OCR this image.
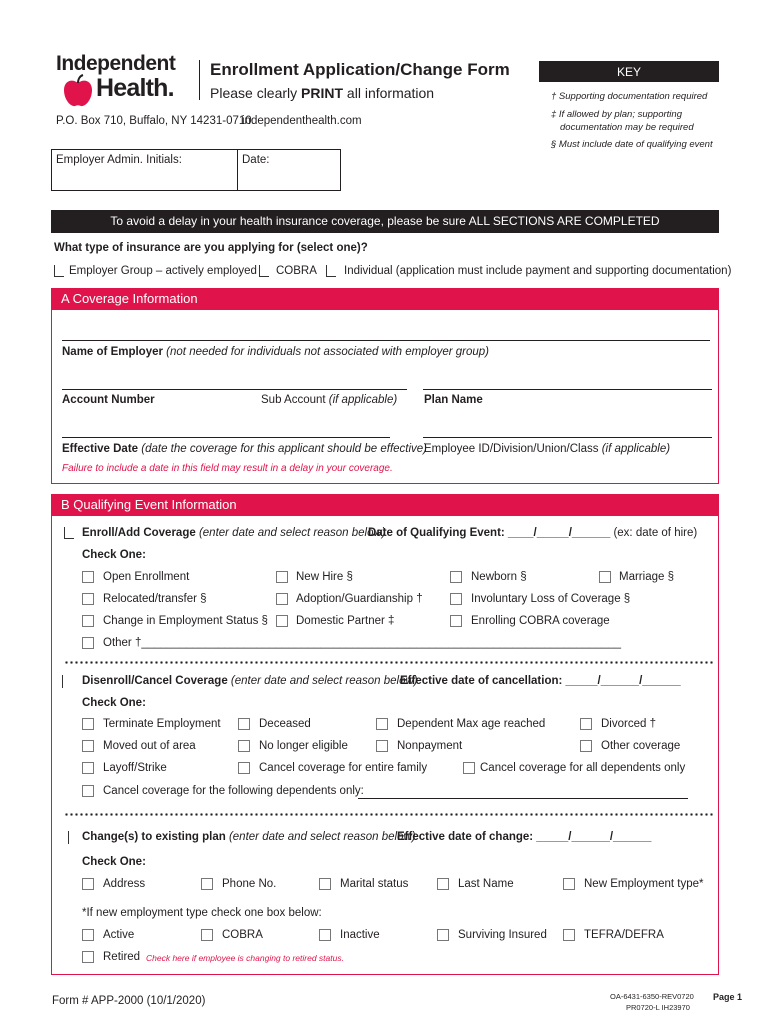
Independent
Health.
Enrollment Application/Change Form
Please clearly PRINT all information
P.O. Box 710, Buffalo, NY 14231-0710
independenthealth.com
Employer Admin. Initials:	Date:
KEY
† Supporting documentation required
‡ If allowed by plan; supporting
documentation may be required
§ Must include date of qualifying event
To avoid a delay in your health insurance coverage, please be sure ALL SECTIONS ARE COMPLETED
What type of insurance are you applying for (select one)?
Employer Group – actively employed COBRA Individual (application must include payment and supporting documentation)
A Coverage Information
Name of Employer (not needed for individuals not associated with employer group)
Account Number	Sub Account (if applicable) Plan Name
Effective Date (date the coverage for this applicant should be effective)
Employee ID/Division/Union/Class (if applicable)
Failure to include a date in this field may result in a delay in your coverage.
B Qualifying Event Information
Enroll/Add Coverage (enter date and select reason below)
Date of Qualifying Event: ____/_____/______ (ex: date of hire)
Check One:
Open Enrollment	New Hire §	Newborn §	Marriage §
Relocated/transfer §	Adoption/Guardianship †	Involuntary Loss of Coverage §
Change in Employment Status § Domestic Partner ‡	Enrolling COBRA coverage
Other †___________________________________________________________________________
Disenroll/Cancel Coverage (enter date and select reason below)
Effective date of cancellation: _____/______/______
Check One:
Terminate Employment	Deceased	Dependent Max age reached	Divorced †
Moved out of area	No longer eligible	Nonpayment	Other coverage
Layoff/Strike	Cancel coverage for entire family	Cancel coverage for all dependents only
Cancel coverage for the following dependents only:
Change(s) to existing plan (enter date and select reason below)
Effective date of change: _____/______/______
Check One:
Address	Phone No.	Marital status	Last Name	New Employment type*
*If new employment type check one box below:
Active	COBRA	Inactive	Surviving Insured	TEFRA/DEFRA
Retired Check here if employee is changing to retired status.
Form # APP-2000 (10/1/2020)	OA-6431-6350-REV0720
PR0720-L IH23970
Page 1
